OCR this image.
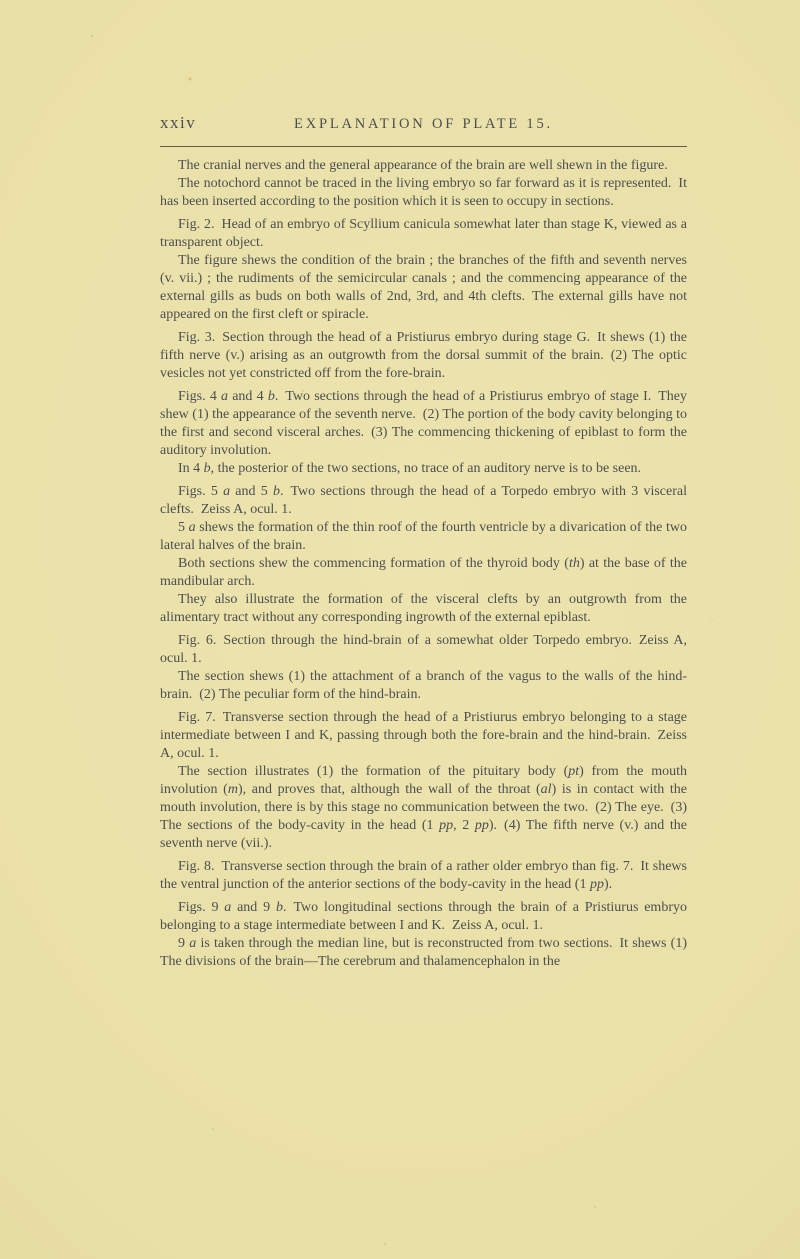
xxiv	EXPLANATION OF PLATE 15.

The cranial nerves and the general appearance of the brain are well shewn in the figure.

The notochord cannot be traced in the living embryo so far forward as it is represented. It has been inserted according to the position which it is seen to occupy in sections.

Fig. 2. Head of an embryo of Scyllium canicula somewhat later than stage K, viewed as a transparent object.

The figure shews the condition of the brain ; the branches of the fifth and seventh nerves (v. vii.) ; the rudiments of the semicircular canals ; and the commencing appearance of the external gills as buds on both walls of 2nd, 3rd, and 4th clefts. The external gills have not appeared on the first cleft or spiracle.

Fig. 3. Section through the head of a Pristiurus embryo during stage G. It shews (1) the fifth nerve (v.) arising as an outgrowth from the dorsal summit of the brain. (2) The optic vesicles not yet constricted off from the fore-brain.

Figs. 4 a and 4 b. Two sections through the head of a Pristiurus embryo of stage I. They shew (1) the appearance of the seventh nerve. (2) The portion of the body cavity belonging to the first and second visceral arches. (3) The commencing thickening of epiblast to form the auditory involution.

In 4 b, the posterior of the two sections, no trace of an auditory nerve is to be seen.

Figs. 5 a and 5 b. Two sections through the head of a Torpedo embryo with 3 visceral clefts. Zeiss A, ocul. 1.

5 a shews the formation of the thin roof of the fourth ventricle by a divarication of the two lateral halves of the brain.

Both sections shew the commencing formation of the thyroid body (th) at the base of the mandibular arch.

They also illustrate the formation of the visceral clefts by an outgrowth from the alimentary tract without any corresponding ingrowth of the external epiblast.

Fig. 6. Section through the hind-brain of a somewhat older Torpedo embryo. Zeiss A, ocul. 1.

The section shews (1) the attachment of a branch of the vagus to the walls of the hind-brain. (2) The peculiar form of the hind-brain.

Fig. 7. Transverse section through the head of a Pristiurus embryo belonging to a stage intermediate between I and K, passing through both the fore-brain and the hind-brain. Zeiss A, ocul. 1.

The section illustrates (1) the formation of the pituitary body (pt) from the mouth involution (m), and proves that, although the wall of the throat (al) is in contact with the mouth involution, there is by this stage no communication between the two. (2) The eye. (3) The sections of the body-cavity in the head (1 pp, 2 pp). (4) The fifth nerve (v.) and the seventh nerve (vii.).

Fig. 8. Transverse section through the brain of a rather older embryo than fig. 7. It shews the ventral junction of the anterior sections of the body-cavity in the head (1 pp).

Figs. 9 a and 9 b. Two longitudinal sections through the brain of a Pristiurus embryo belonging to a stage intermediate between I and K. Zeiss A, ocul. 1.

9 a is taken through the median line, but is reconstructed from two sections. It shews (1) The divisions of the brain—The cerebrum and thalamencephalon in the
